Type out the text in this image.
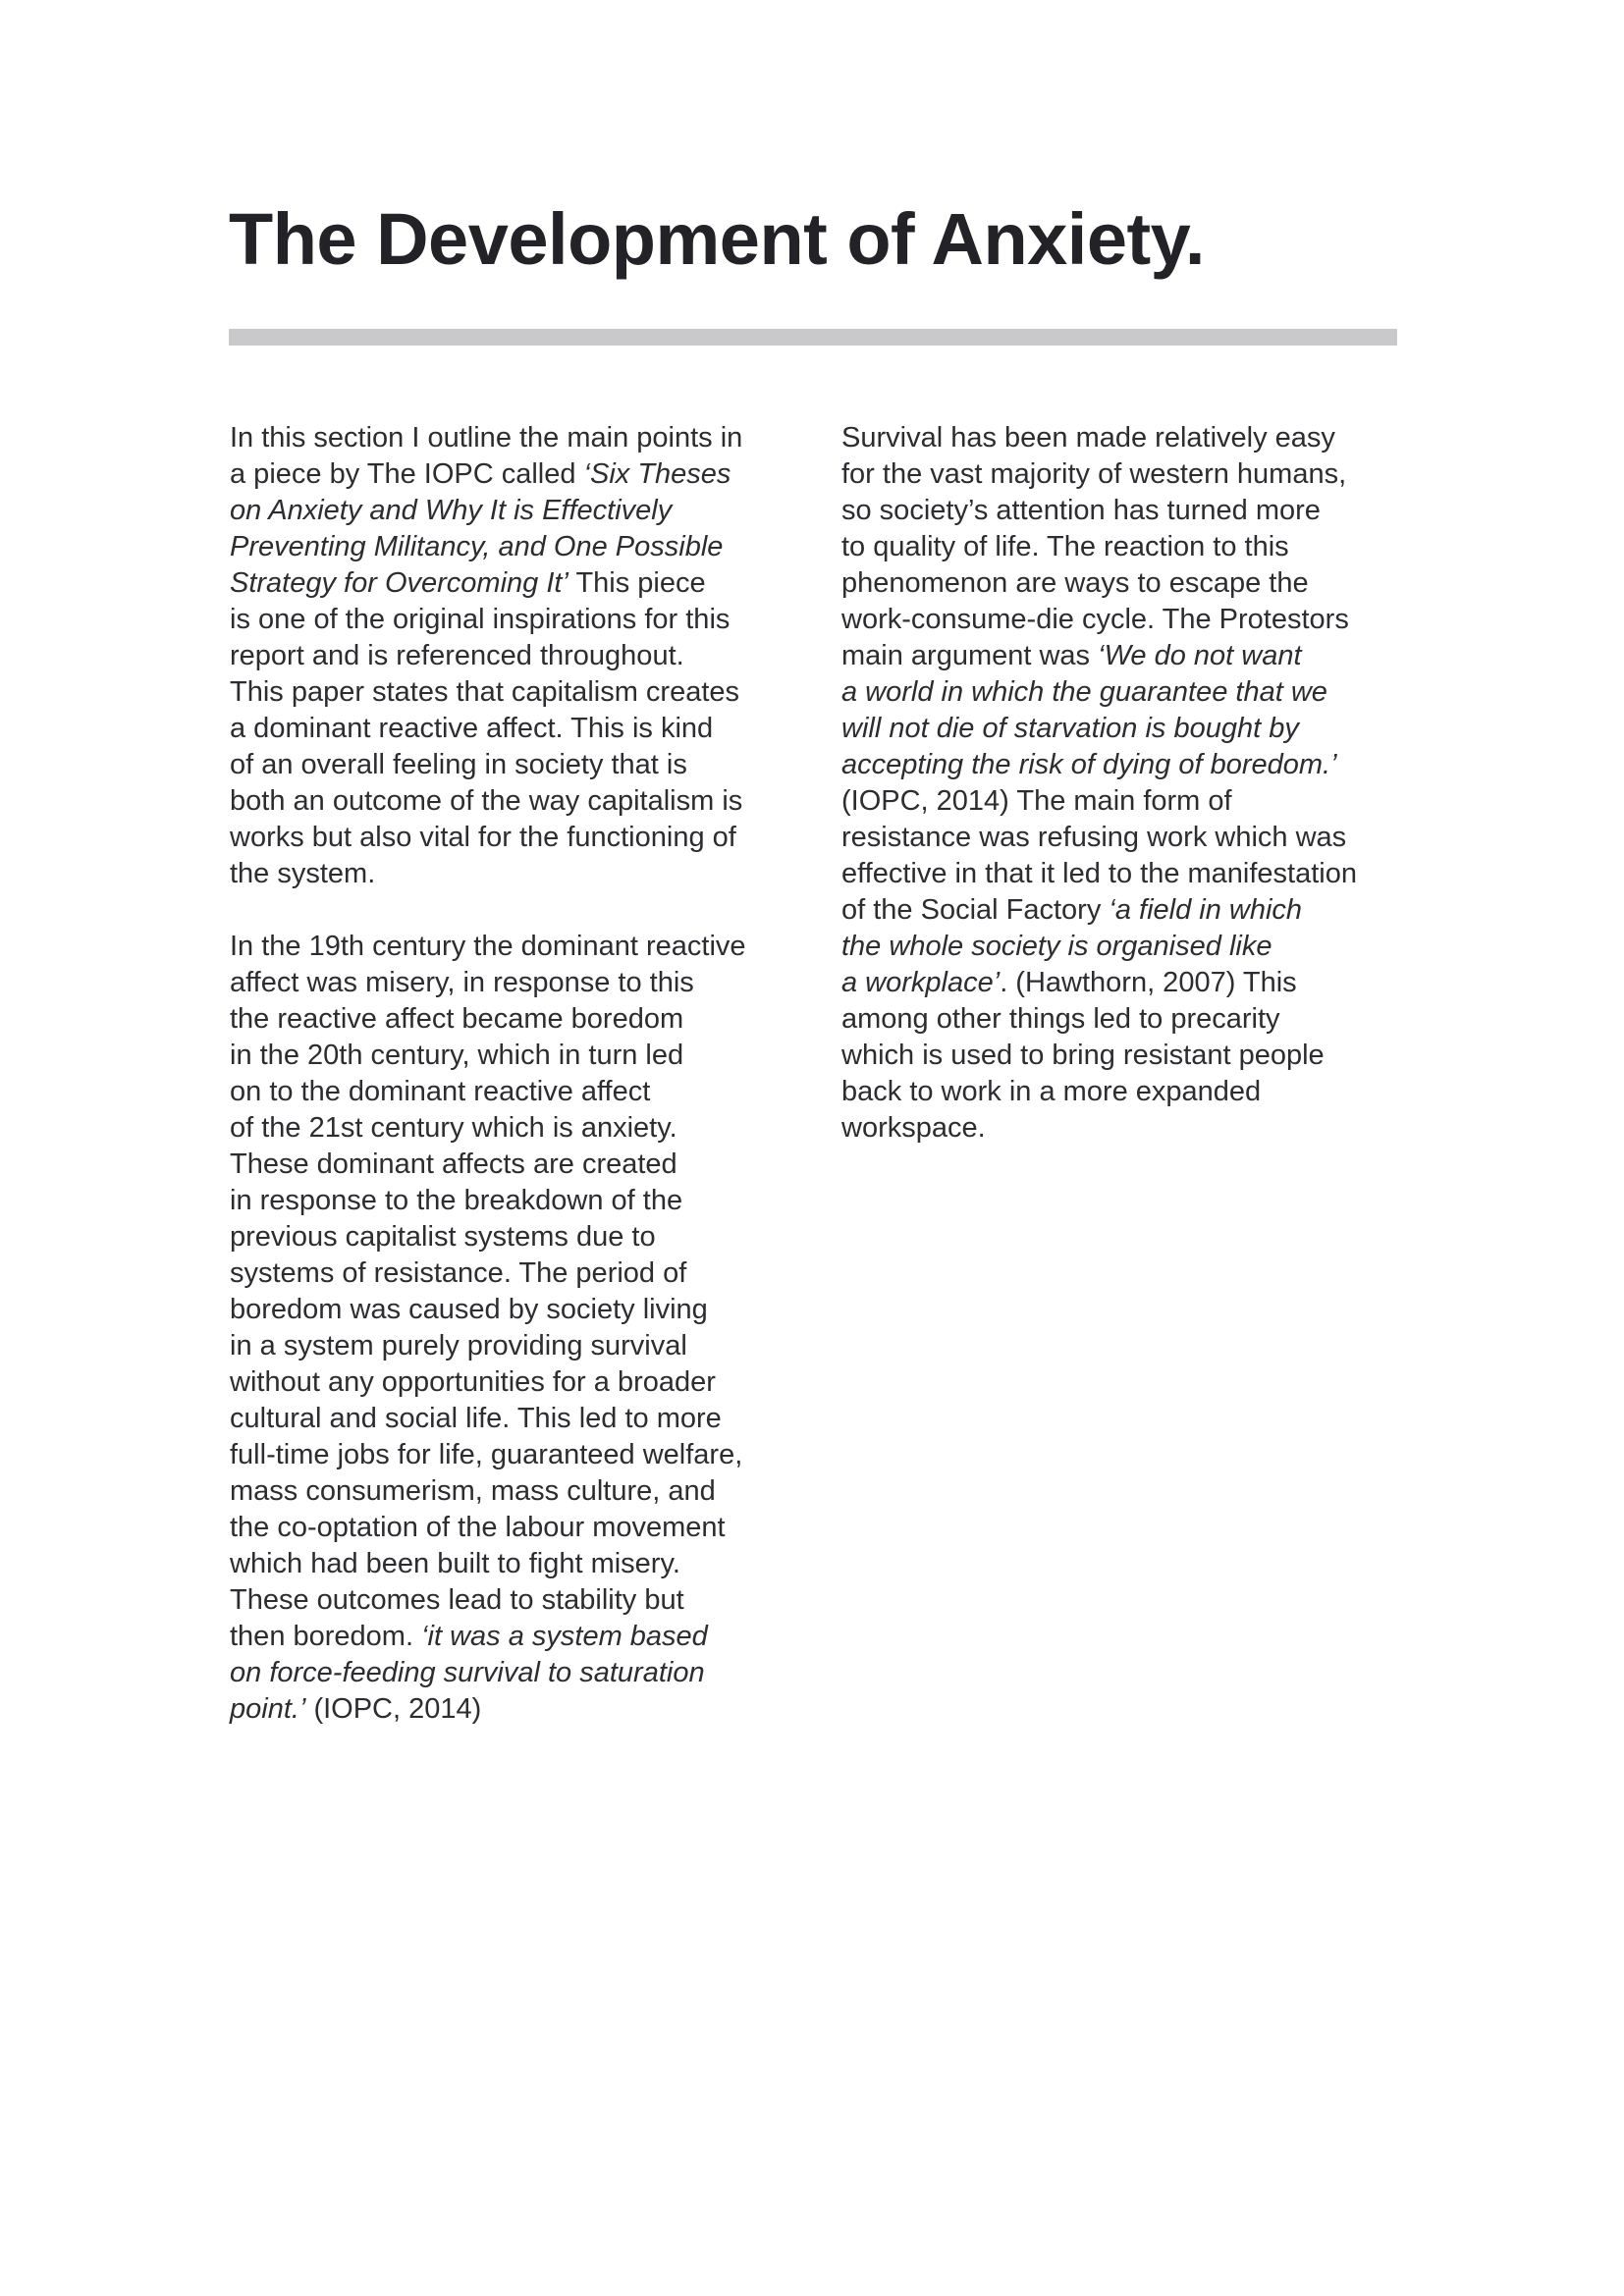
The Development of Anxiety.

In this section I outline the main points in
a piece by The IOPC called ‘Six Theses
on Anxiety and Why It is Effectively
Preventing Militancy, and One Possible
Strategy for Overcoming It’ This piece
is one of the original inspirations for this
report and is referenced throughout.
This paper states that capitalism creates
a dominant reactive affect. This is kind
of an overall feeling in society that is
both an outcome of the way capitalism is
works but also vital for the functioning of
the system.

In the 19th century the dominant reactive
affect was misery, in response to this
the reactive affect became boredom
in the 20th century, which in turn led
on to the dominant reactive affect
of the 21st century which is anxiety.
These dominant affects are created
in response to the breakdown of the
previous capitalist systems due to
systems of resistance. The period of
boredom was caused by society living
in a system purely providing survival
without any opportunities for a broader
cultural and social life. This led to more
full-time jobs for life, guaranteed welfare,
mass consumerism, mass culture, and
the co-optation of the labour movement
which had been built to fight misery.
These outcomes lead to stability but
then boredom. ‘it was a system based
on force-feeding survival to saturation
point.’ (IOPC, 2014)

Survival has been made relatively easy
for the vast majority of western humans,
so society’s attention has turned more
to quality of life. The reaction to this
phenomenon are ways to escape the
work-consume-die cycle. The Protestors
main argument was ‘We do not want
a world in which the guarantee that we
will not die of starvation is bought by
accepting the risk of dying of boredom.’
(IOPC, 2014) The main form of
resistance was refusing work which was
effective in that it led to the manifestation
of the Social Factory ‘a field in which
the whole society is organised like
a workplace’. (Hawthorn, 2007) This
among other things led to precarity
which is used to bring resistant people
back to work in a more expanded
workspace.
